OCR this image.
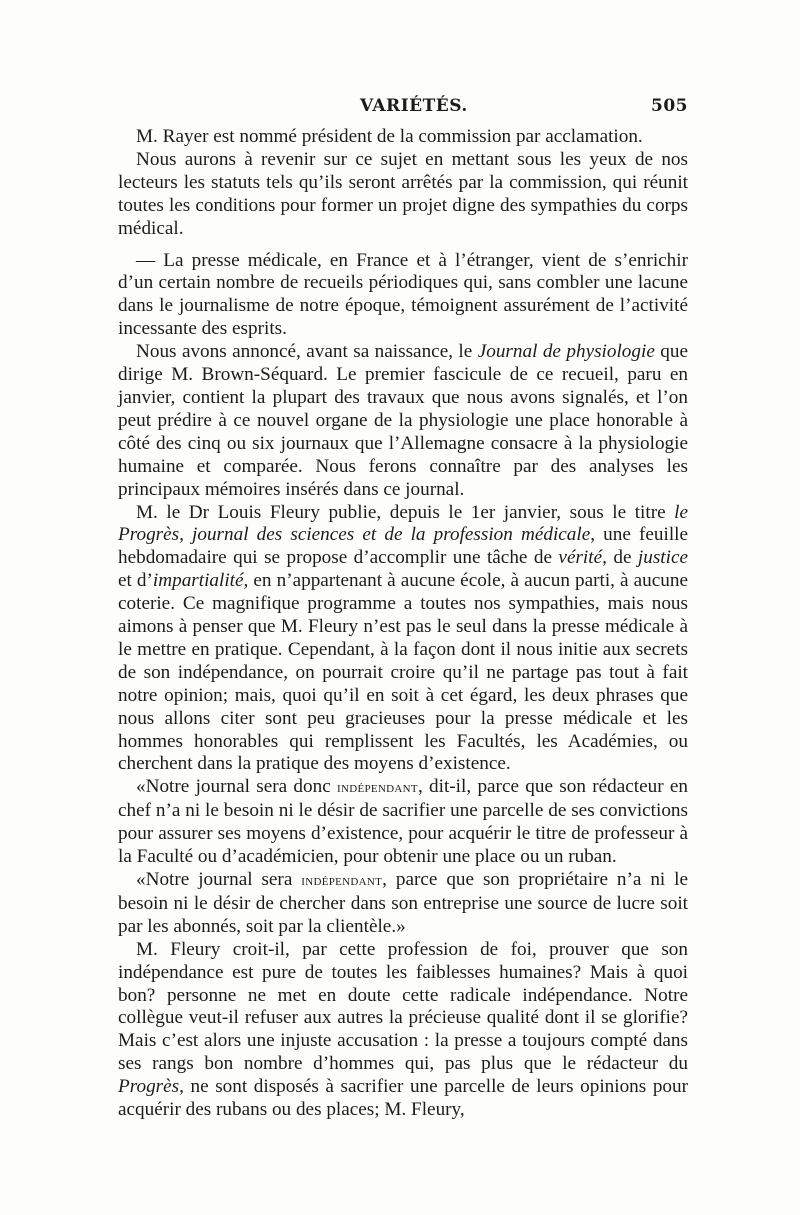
VARIÉTÉS.	505

M. Rayer est nommé président de la commission par acclamation.

Nous aurons à revenir sur ce sujet en mettant sous les yeux de nos lecteurs les statuts tels qu’ils seront arrêtés par la commission, qui réunit toutes les conditions pour former un projet digne des sympathies du corps médical.

— La presse médicale, en France et à l’étranger, vient de s’enrichir d’un certain nombre de recueils périodiques qui, sans combler une lacune dans le journalisme de notre époque, témoignent assurément de l’activité incessante des esprits.

Nous avons annoncé, avant sa naissance, le Journal de physiologie que dirige M. Brown-Séquard. Le premier fascicule de ce recueil, paru en janvier, contient la plupart des travaux que nous avons signalés, et l’on peut prédire à ce nouvel organe de la physiologie une place honorable à côté des cinq ou six journaux que l’Allemagne consacre à la physiologie humaine et comparée. Nous ferons connaître par des analyses les principaux mémoires insérés dans ce journal.

M. le Dr Louis Fleury publie, depuis le 1er janvier, sous le titre le Progrès, journal des sciences et de la profession médicale, une feuille hebdomadaire qui se propose d’accomplir une tâche de vérité, de justice et d’impartialité, en n’appartenant à aucune école, à aucun parti, à aucune coterie. Ce magnifique programme a toutes nos sympathies, mais nous aimons à penser que M. Fleury n’est pas le seul dans la presse médicale à le mettre en pratique. Cependant, à la façon dont il nous initie aux secrets de son indépendance, on pourrait croire qu’il ne partage pas tout à fait notre opinion; mais, quoi qu’il en soit à cet égard, les deux phrases que nous allons citer sont peu gracieuses pour la presse médicale et les hommes honorables qui remplissent les Facultés, les Académies, ou cherchent dans la pratique des moyens d’existence.

«Notre journal sera donc indépendant, dit-il, parce que son rédacteur en chef n’a ni le besoin ni le désir de sacrifier une parcelle de ses convictions pour assurer ses moyens d’existence, pour acquérir le titre de professeur à la Faculté ou d’académicien, pour obtenir une place ou un ruban.

«Notre journal sera indépendant, parce que son propriétaire n’a ni le besoin ni le désir de chercher dans son entreprise une source de lucre soit par les abonnés, soit par la clientèle.»

M. Fleury croit-il, par cette profession de foi, prouver que son indépendance est pure de toutes les faiblesses humaines? Mais à quoi bon? personne ne met en doute cette radicale indépendance. Notre collègue veut-il refuser aux autres la précieuse qualité dont il se glorifie? Mais c’est alors une injuste accusation : la presse a toujours compté dans ses rangs bon nombre d’hommes qui, pas plus que le rédacteur du Progrès, ne sont disposés à sacrifier une parcelle de leurs opinions pour acquérir des rubans ou des places; M. Fleury,
